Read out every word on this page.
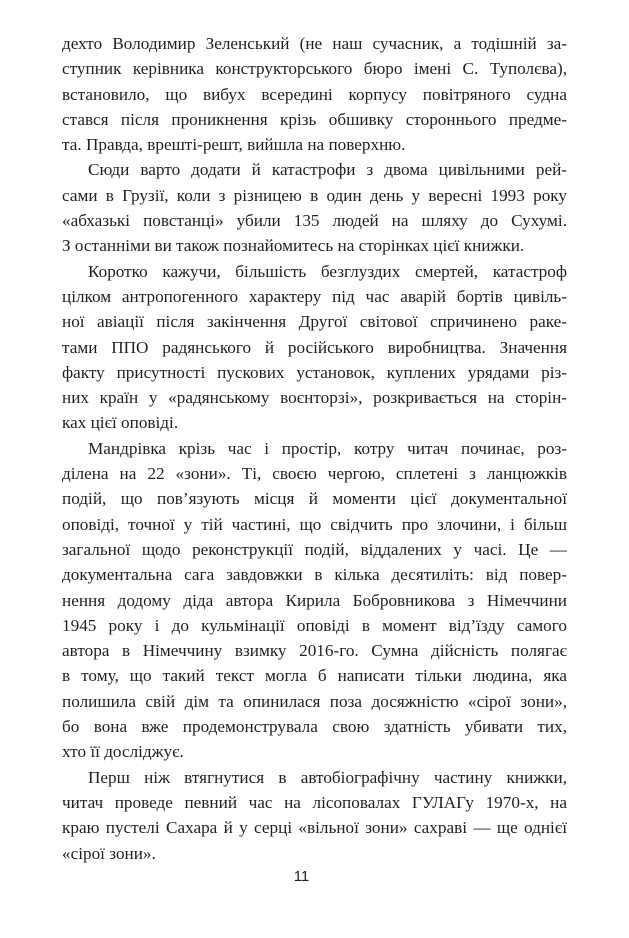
дехто Володимир Зеленський (не наш сучасник, а тодішній за-
ступник керівника конструкторського бюро імені С. Туполєва),
встановило, що вибух всередині корпусу повітряного судна
стався після проникнення крізь обшивку стороннього предме-
та. Правда, врешті-решт, вийшла на поверхню.
Сюди варто додати й катастрофи з двома цивільними рей-
сами в Грузії, коли з різницею в один день у вересні 1993 року
«абхазькі повстанці» убили 135 людей на шляху до Сухумі.
З останніми ви також познайомитесь на сторінках цієї книжки.
Коротко кажучи, більшість безглуздих смертей, катастроф
цілком антропогенного характеру під час аварій бортів цивіль-
ної авіації після закінчення Другої світової спричинено раке-
тами ППО радянського й російського виробництва. Значення
факту присутності пускових установок, куплених урядами різ-
них країн у «радянському воєнторзі», розкривається на сторін-
ках цієї оповіді.
Мандрівка крізь час і простір, котру читач починає, роз-
ділена на 22 «зони». Ті, своєю чергою, сплетені з ланцюжків
подій, що пов’язують місця й моменти цієї документальної
оповіді, точної у тій частині, що свідчить про злочини, і більш
загальної щодо реконструкції подій, віддалених у часі. Це —
документальна сага завдовжки в кілька десятиліть: від повер-
нення додому діда автора Кирила Бобровникова з Німеччини
1945 року і до кульмінації оповіді в момент від’їзду самого
автора в Німеччину взимку 2016-го. Сумна дійсність полягає
в тому, що такий текст могла б написати тільки людина, яка
полишила свій дім та опинилася поза досяжністю «сірої зони»,
бо вона вже продемонструвала свою здатність убивати тих,
хто її досліджує.
Перш ніж втягнутися в автобіографічну частину книжки,
читач проведе певний час на лісоповалах ГУЛАГу 1970-х, на
краю пустелі Сахара й у серці «вільної зони» сахраві — ще однієї
«сірої зони».
11
